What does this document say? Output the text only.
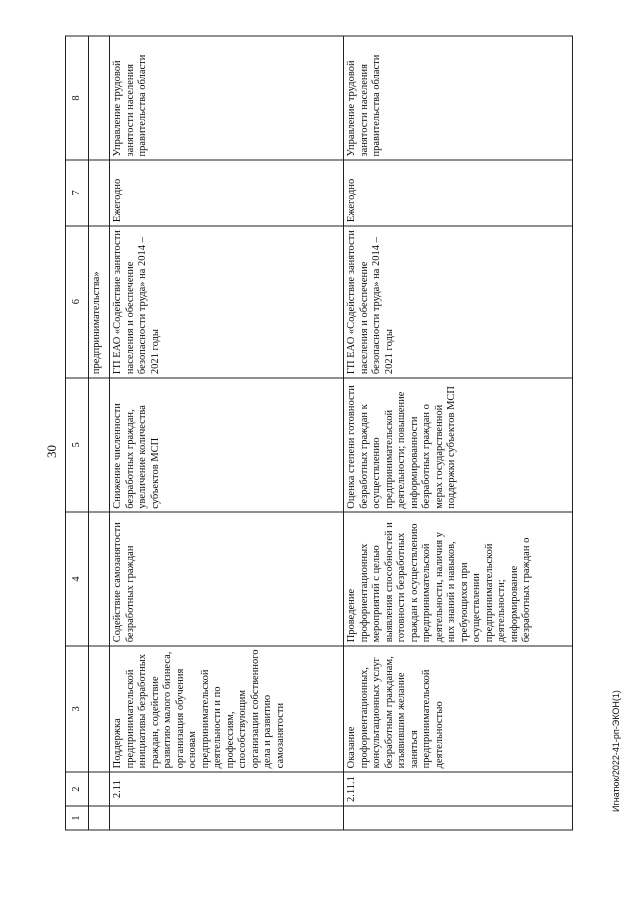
30
1	2	3	4	5	6	7	8
					предпринимательства»		
	2.11	Поддержка предпринимательской инициативы безработных граждан, содействие развитию малого бизнеса, организация обучения основам предпринимательской деятельности и по профессиям, способствующим организации собственного дела и развитию самозанятости	Содействие самозанятости безработных граждан	Снижение численности безработных граждан, увеличение количества субъектов МСП	ГП ЕАО «Содействие занятости населения и обеспечение безопасности труда» на 2014 – 2021 годы	Ежегодно	Управление трудовой занятости населения правительства области
	2.11.1	Оказание профориентационных, консультационных услуг безработным гражданам, изъявившим желание заняться предпринимательской деятельностью	Проведение профориентационных мероприятий с целью выявления способностей и готовности безработных граждан к осуществлению предпринимательской деятельности, наличия у них знаний и навыков, требующихся при осуществлении предпринимательской деятельности; информирование безработных граждан о	Оценка степени готовности безработных граждан к осуществлению предпринимательской деятельности; повышение информированности безработных граждан о мерах государственной поддержки субъектов МСП	ГП ЕАО «Содействие занятости населения и обеспечение безопасности труда» на 2014 – 2021 годы	Ежегодно	Управление трудовой занятости населения правительства области
Игнатюк/2022-41-рп-ЭКОН(1)
